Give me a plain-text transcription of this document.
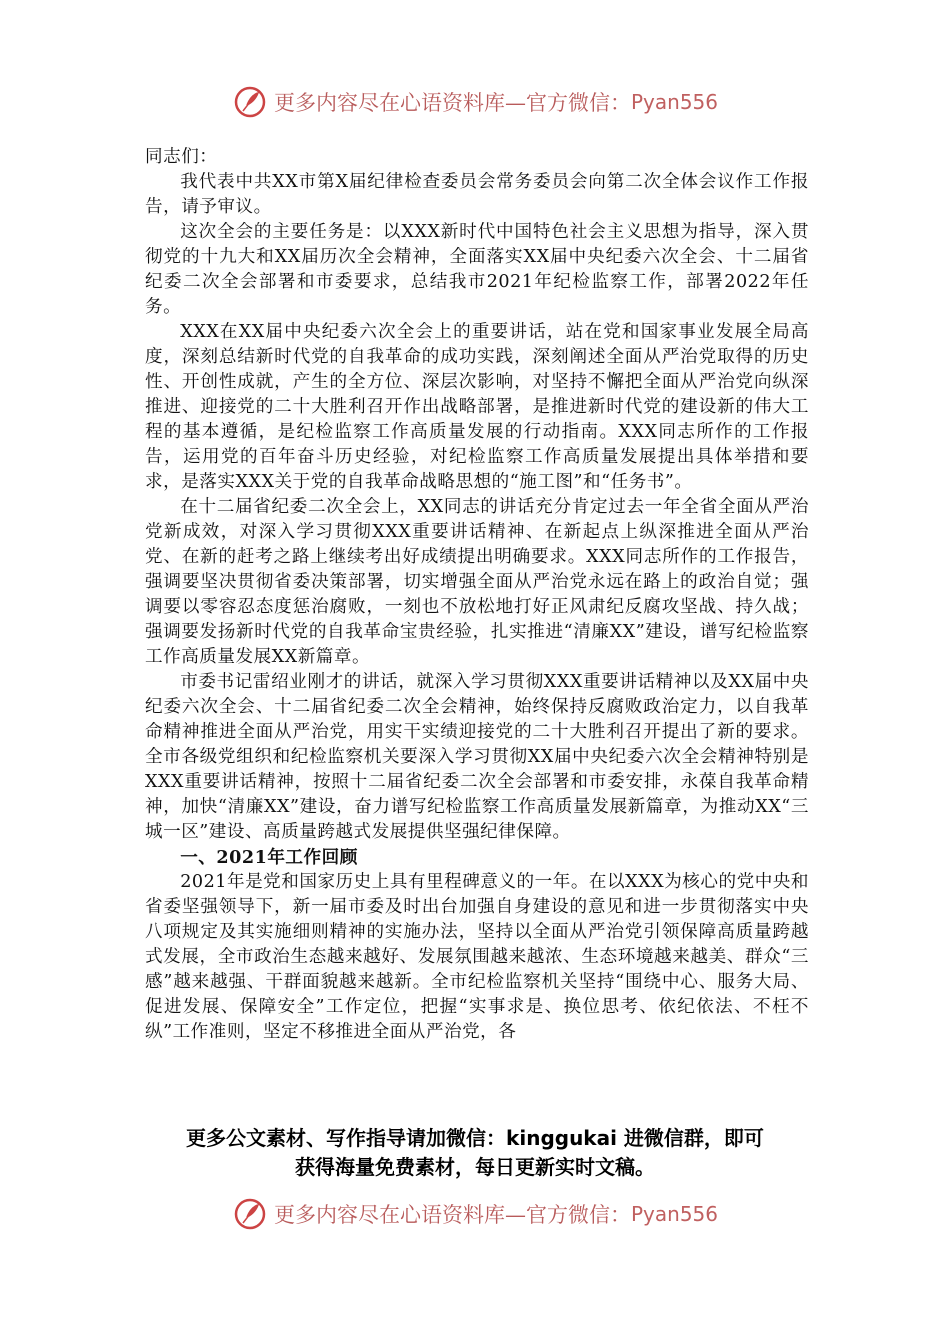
更多内容尽在心语资料库—官方微信： Pyan556

同志们：

我代表中共XX市第X届纪律检查委员会常务委员会向第二次全体会议作工作报告，请予审议。

这次全会的主要任务是：以XXX新时代中国特色社会主义思想为指导，深入贯彻党的十九大和XX届历次全会精神，全面落实XX届中央纪委六次全会、十二届省纪委二次全会部署和市委要求，总结我市2021年纪检监察工作，部署2022年任务。

XXX在XX届中央纪委六次全会上的重要讲话，站在党和国家事业发展全局高度，深刻总结新时代党的自我革命的成功实践，深刻阐述全面从严治党取得的历史性、开创性成就，产生的全方位、深层次影响，对坚持不懈把全面从严治党向纵深推进、迎接党的二十大胜利召开作出战略部署，是推进新时代党的建设新的伟大工程的基本遵循，是纪检监察工作高质量发展的行动指南。XXX同志所作的工作报告，运用党的百年奋斗历史经验，对纪检监察工作高质量发展提出具体举措和要求，是落实XXX关于党的自我革命战略思想的“施工图”和“任务书”。

在十二届省纪委二次全会上，XX同志的讲话充分肯定过去一年全省全面从严治党新成效，对深入学习贯彻XXX重要讲话精神、在新起点上纵深推进全面从严治党、在新的赶考之路上继续考出好成绩提出明确要求。XXX同志所作的工作报告，强调要坚决贯彻省委决策部署，切实增强全面从严治党永远在路上的政治自觉；强调要以零容忍态度惩治腐败，一刻也不放松地打好正风肃纪反腐攻坚战、持久战；强调要发扬新时代党的自我革命宝贵经验，扎实推进“清廉XX”建设，谱写纪检监察工作高质量发展XX新篇章。

市委书记雷绍业刚才的讲话，就深入学习贯彻XXX重要讲话精神以及XX届中央纪委六次全会、十二届省纪委二次全会精神，始终保持反腐败政治定力，以自我革命精神推进全面从严治党，用实干实绩迎接党的二十大胜利召开提出了新的要求。全市各级党组织和纪检监察机关要深入学习贯彻XX届中央纪委六次全会精神特别是XXX重要讲话精神，按照十二届省纪委二次全会部署和市委安排，永葆自我革命精神，加快“清廉XX”建设，奋力谱写纪检监察工作高质量发展新篇章，为推动XX“三城一区”建设、高质量跨越式发展提供坚强纪律保障。

一、2021年工作回顾

2021年是党和国家历史上具有里程碑意义的一年。在以XXX为核心的党中央和省委坚强领导下，新一届市委及时出台加强自身建设的意见和进一步贯彻落实中央八项规定及其实施细则精神的实施办法，坚持以全面从严治党引领保障高质量跨越式发展，全市政治生态越来越好、发展氛围越来越浓、生态环境越来越美、群众“三感”越来越强、干群面貌越来越新。全市纪检监察机关坚持“围绕中心、服务大局、促进发展、保障安全”工作定位，把握“实事求是、换位思考、依纪依法、不枉不纵”工作准则，坚定不移推进全面从严治党，各

更多公文素材、写作指导请加微信：kinggukai 进微信群，即可
获得海量免费素材，每日更新实时文稿。
更多内容尽在心语资料库—官方微信： Pyan556
